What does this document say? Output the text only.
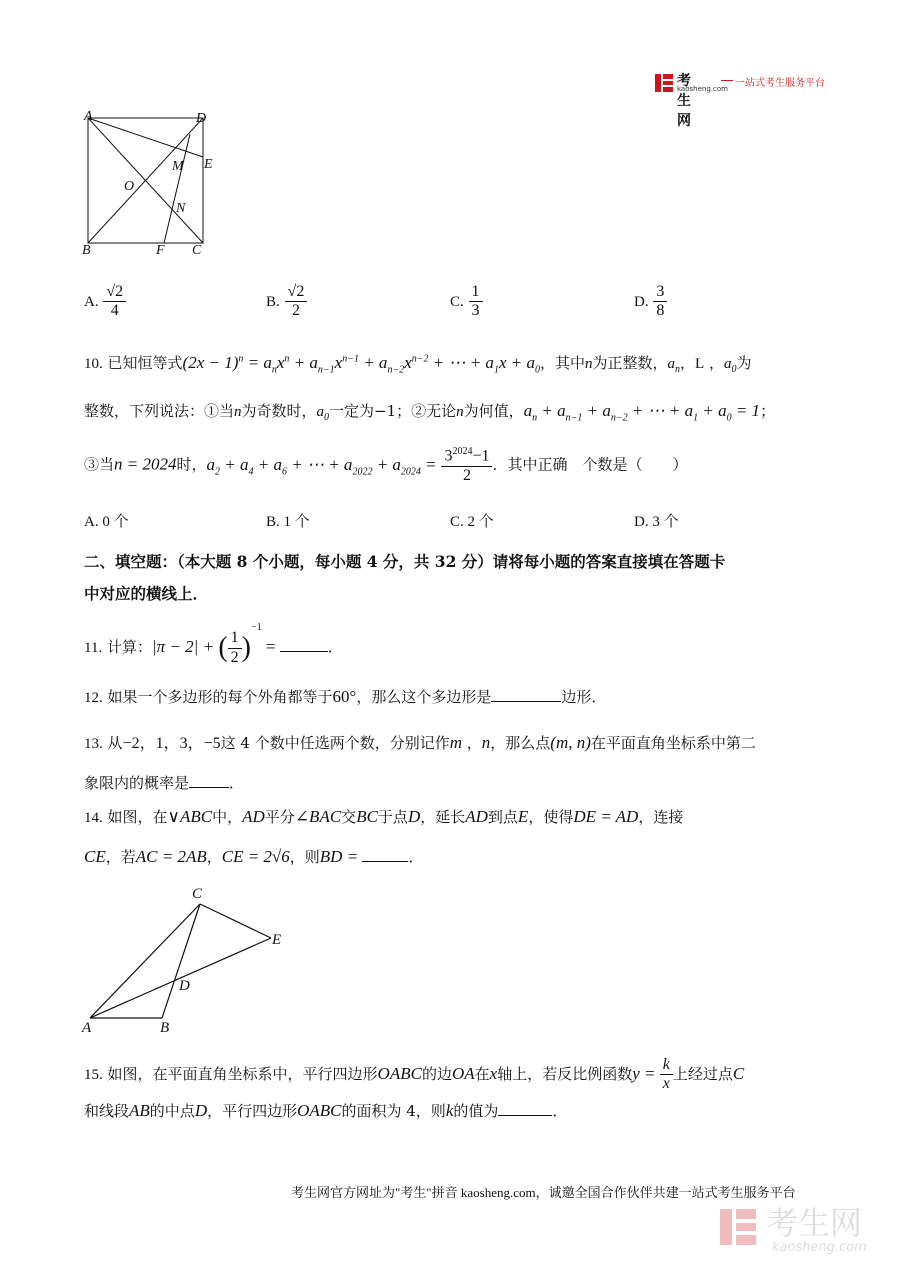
考生网
kaosheng.com 一站式考生服务平台
A	D
M E
O
N
B	F C
A. $\frac{√2}{4}$	B. $\frac{√2}{2}$	C. $\frac{1}{3}$	D. $\frac{3}{8}$
10. 已知恒等式$(2x - 1)^n = a_nx^n + a_{n-1}x^{n-1} + a_{n-2}x^{n-2}$ + ⋯ + $a_1x + a_0$，其中n为正整数，$a_n$，L ，$a_0$为
整数，下列说法：①当n为奇数时，$a_0$一定为−1；②无论n为何值，$a_n + a_{n-1} + a_{n-2}$ + ⋯ + $a_1 + a_0 = 1$；
③当n = 2024时，$a_2 + a_4 + a_6$ + ⋯ + $a_{2022} + a_{2024} = \frac{3^{2024}-1}{2}$ ．其中正确　 个数是（　　）
A. 0 个	B. 1 个	C. 2 个	D. 3 个
二、填空题：（本大题 8 个小题，每小题 4 分，共 32 分）请将每小题的答案直接填在答题卡
中对应的横线上．
11. 计算：|π − 2| + ( $\frac{1}{2} )^{-1}$ =	．
12. 如果一个多边形的每个外角都等于60°，那么这个多边形是	边形．
13. 从−2，1，3，−5这 4 个数中任选两个数，分别记作m ，n，那么点(m, n)在平面直角坐标系中第二
象限内的概率是	．
14. 如图，在∨ABC中，AD平分∠BAC交BC于点D，延长AD到点E，使得DE = AD，连接
CE，若AC = 2AB，CE = 2√6，则BD =	．
C
E
D
A	B
15. 如图，在平面直角坐标系中，平行四边形OABC的边OA在x轴上，若反比例函数$y = \frac{k}{x}$ 上经过点C
和线段AB的中点D，平行四边形OABC的面积为 4，则k的值为	．
考生网官方网址为"考生"拼音 kaosheng.com，诚邀全国合作伙伴共建一站式考生服务平台
考生网
kaosheng.com
